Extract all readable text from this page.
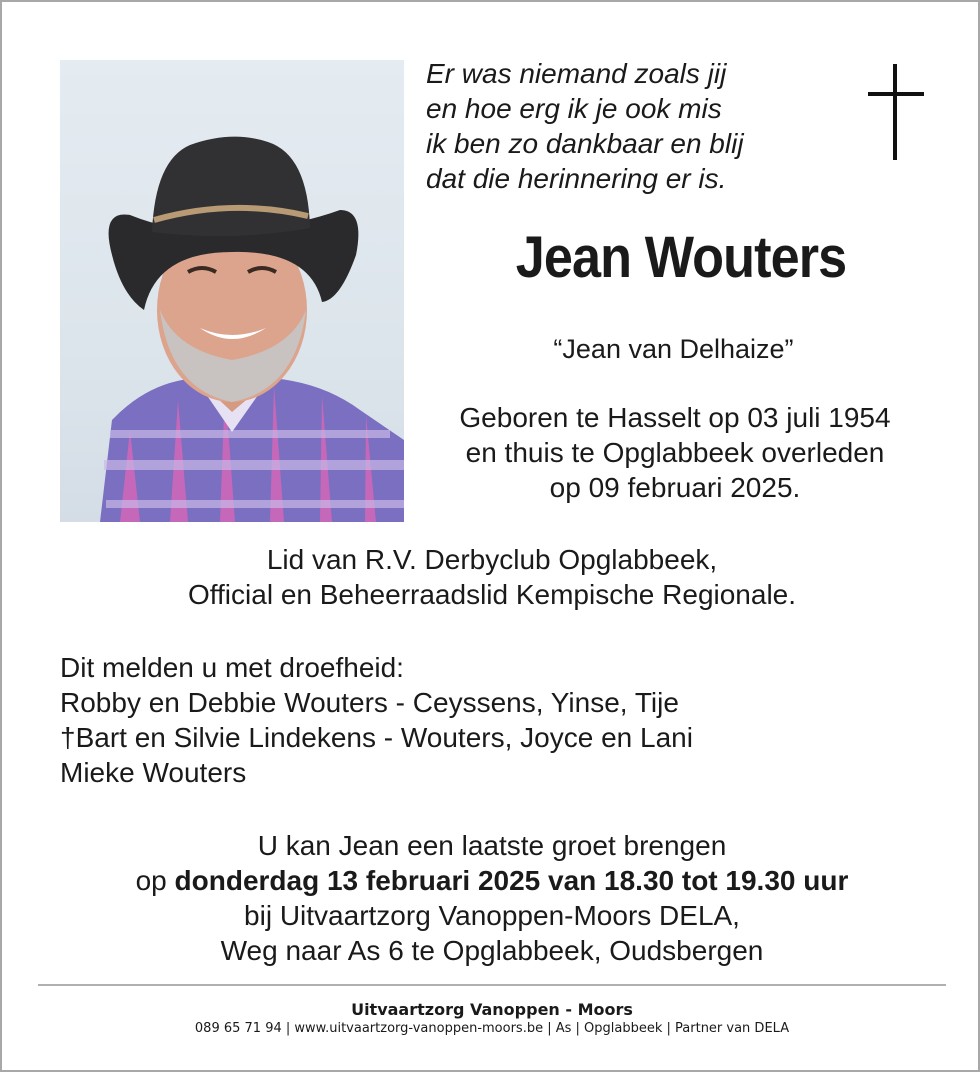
Er was niemand zoals jij
en hoe erg ik je ook mis
ik ben zo dankbaar en blij
dat die herinnering er is.
Jean Wouters
“Jean van Delhaize”
Geboren te Hasselt op 03 juli 1954
en thuis te Opglabbeek overleden
op 09 februari 2025.
Lid van R.V. Derbyclub Opglabbeek,
Official en Beheerraadslid Kempische Regionale.
Dit melden u met droefheid:
Robby en Debbie Wouters - Ceyssens, Yinse, Tije
†Bart en Silvie Lindekens - Wouters, Joyce en Lani
Mieke Wouters
U kan Jean een laatste groet brengen
op donderdag 13 februari 2025 van 18.30 tot 19.30 uur
bij Uitvaartzorg Vanoppen-Moors DELA,
Weg naar As 6 te Opglabbeek, Oudsbergen
Uitvaartzorg Vanoppen - Moors
089 65 71 94 | www.uitvaartzorg-vanoppen-moors.be | As | Opglabbeek | Partner van DELA
